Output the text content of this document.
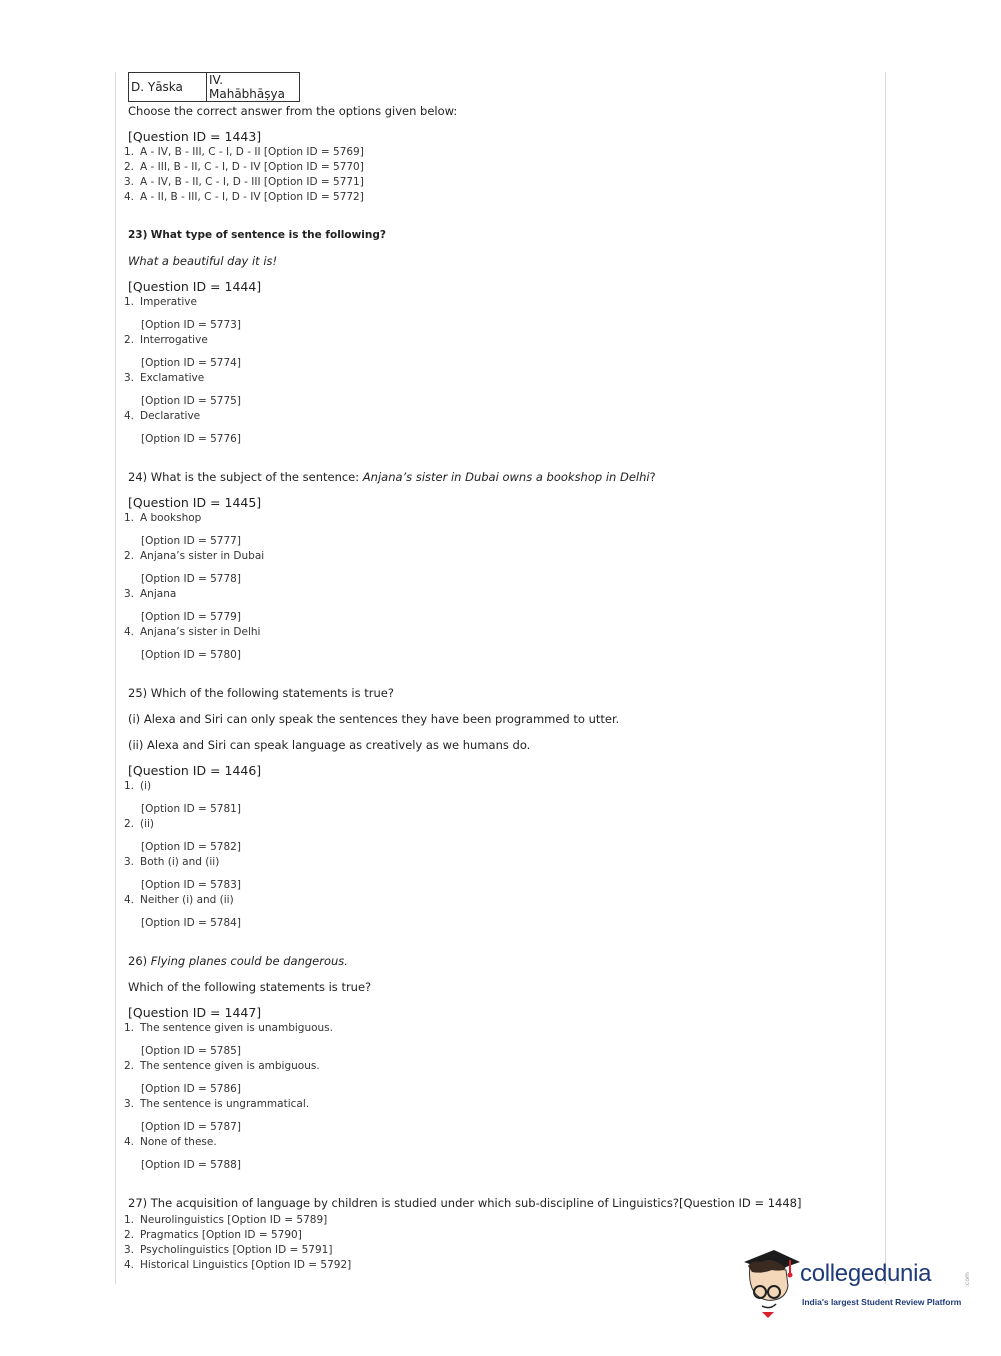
D. Yāska	IV. Mahābhāṣya
Choose the correct answer from the options given below:
[Question ID = 1443]
1. A - IV, B - III, C - I, D - II [Option ID = 5769]
2. A - III, B - II, C - I, D - IV [Option ID = 5770]
3. A - IV, B - II, C - I, D - III [Option ID = 5771]
4. A - II, B - III, C - I, D - IV [Option ID = 5772]
23) What type of sentence is the following?
What a beautiful day it is!
[Question ID = 1444]
1. Imperative
[Option ID = 5773]
2. Interrogative
[Option ID = 5774]
3. Exclamative
[Option ID = 5775]
4. Declarative
[Option ID = 5776]
24) What is the subject of the sentence: Anjana’s sister in Dubai owns a bookshop in Delhi?
[Question ID = 1445]
1. A bookshop
[Option ID = 5777]
2. Anjana’s sister in Dubai
[Option ID = 5778]
3. Anjana
[Option ID = 5779]
4. Anjana’s sister in Delhi
[Option ID = 5780]
25) Which of the following statements is true?
(i) Alexa and Siri can only speak the sentences they have been programmed to utter.
(ii) Alexa and Siri can speak language as creatively as we humans do.
[Question ID = 1446]
1. (i)
[Option ID = 5781]
2. (ii)
[Option ID = 5782]
3. Both (i) and (ii)
[Option ID = 5783]
4. Neither (i) and (ii)
[Option ID = 5784]
26) Flying planes could be dangerous.
Which of the following statements is true?
[Question ID = 1447]
1. The sentence given is unambiguous.
[Option ID = 5785]
2. The sentence given is ambiguous.
[Option ID = 5786]
3. The sentence is ungrammatical.
[Option ID = 5787]
4. None of these.
[Option ID = 5788]
27) The acquisition of language by children is studied under which sub-discipline of Linguistics?[Question ID = 1448]
1. Neurolinguistics [Option ID = 5789]
2. Pragmatics [Option ID = 5790]
3. Psycholinguistics [Option ID = 5791]
4. Historical Linguistics [Option ID = 5792]	collegedunia	.com
India's largest Student Review Platform
